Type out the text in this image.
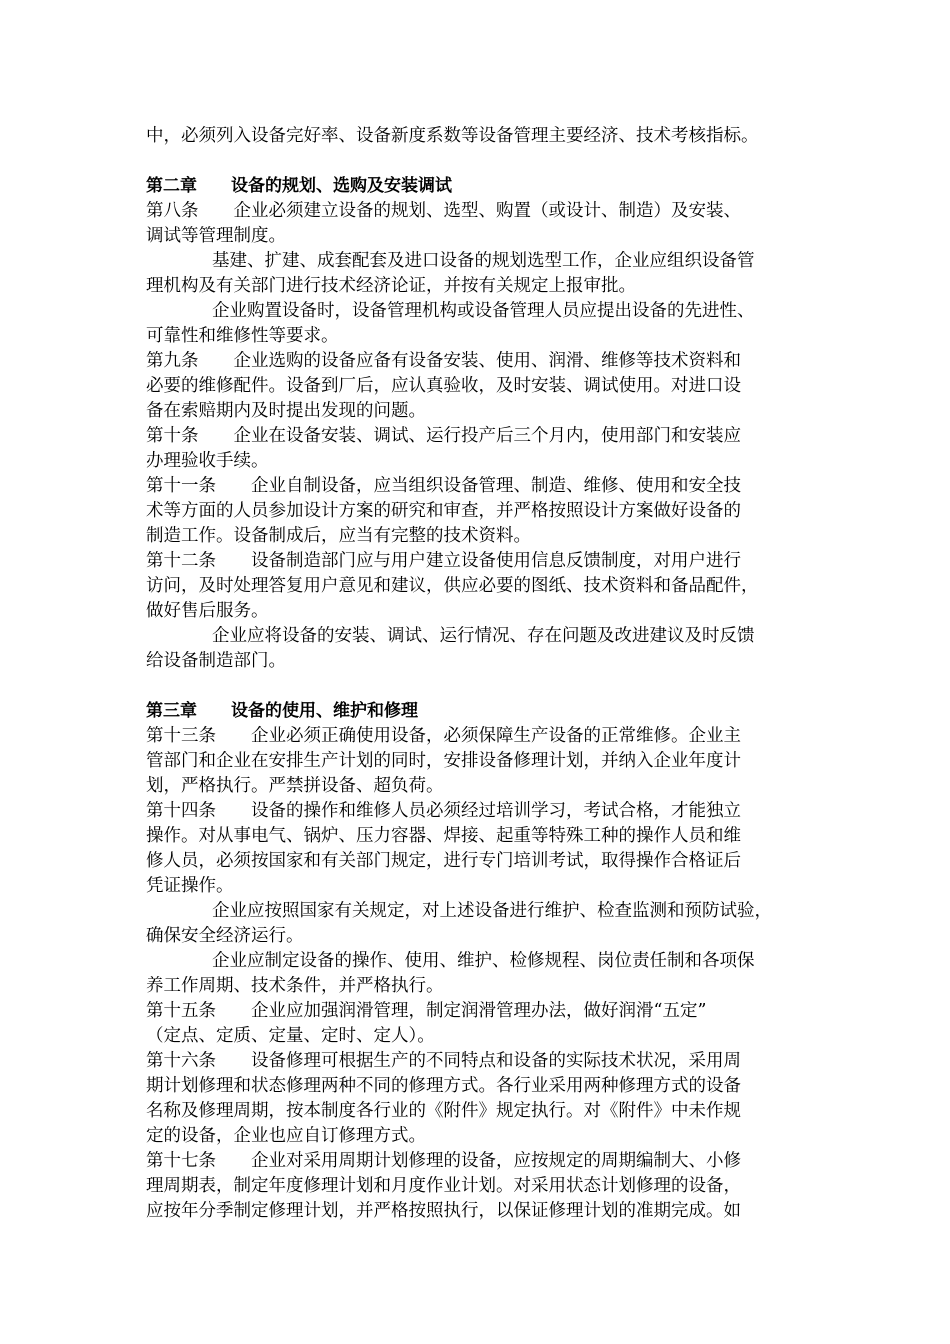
中，必须列入设备完好率、设备新度系数等设备管理主要经济、技术考核指标。
第二章　　设备的规划、选购及安装调试
第八条　　企业必须建立设备的规划、选型、购置（或设计、制造）及安装、
调试等管理制度。
基建、扩建、成套配套及进口设备的规划选型工作，企业应组织设备管
理机构及有关部门进行技术经济论证，并按有关规定上报审批。
企业购置设备时，设备管理机构或设备管理人员应提出设备的先进性、
可靠性和维修性等要求。
第九条　　企业选购的设备应备有设备安装、使用、润滑、维修等技术资料和
必要的维修配件。设备到厂后，应认真验收，及时安装、调试使用。对进口设
备在索赔期内及时提出发现的问题。
第十条　　企业在设备安装、调试、运行投产后三个月内，使用部门和安装应
办理验收手续。
第十一条　　企业自制设备，应当组织设备管理、制造、维修、使用和安全技
术等方面的人员参加设计方案的研究和审查，并严格按照设计方案做好设备的
制造工作。设备制成后，应当有完整的技术资料。
第十二条　　设备制造部门应与用户建立设备使用信息反馈制度，对用户进行
访问，及时处理答复用户意见和建议，供应必要的图纸、技术资料和备品配件，
做好售后服务。
企业应将设备的安装、调试、运行情况、存在问题及改进建议及时反馈
给设备制造部门。
第三章　　设备的使用、维护和修理
第十三条　　企业必须正确使用设备，必须保障生产设备的正常维修。企业主
管部门和企业在安排生产计划的同时，安排设备修理计划，并纳入企业年度计
划，严格执行。严禁拼设备、超负荷。
第十四条　　设备的操作和维修人员必须经过培训学习，考试合格，才能独立
操作。对从事电气、锅炉、压力容器、焊接、起重等特殊工种的操作人员和维
修人员，必须按国家和有关部门规定，进行专门培训考试，取得操作合格证后
凭证操作。
企业应按照国家有关规定，对上述设备进行维护、检查监测和预防试验，
确保安全经济运行。
企业应制定设备的操作、使用、维护、检修规程、岗位责任制和各项保
养工作周期、技术条件，并严格执行。
第十五条　　企业应加强润滑管理，制定润滑管理办法，做好润滑“五定”
（定点、定质、定量、定时、定人）。
第十六条　　设备修理可根据生产的不同特点和设备的实际技术状况，采用周
期计划修理和状态修理两种不同的修理方式。各行业采用两种修理方式的设备
名称及修理周期，按本制度各行业的《附件》规定执行。对《附件》中未作规
定的设备，企业也应自订修理方式。
第十七条　　企业对采用周期计划修理的设备，应按规定的周期编制大、小修
理周期表，制定年度修理计划和月度作业计划。对采用状态计划修理的设备，
应按年分季制定修理计划，并严格按照执行，以保证修理计划的准期完成。如
